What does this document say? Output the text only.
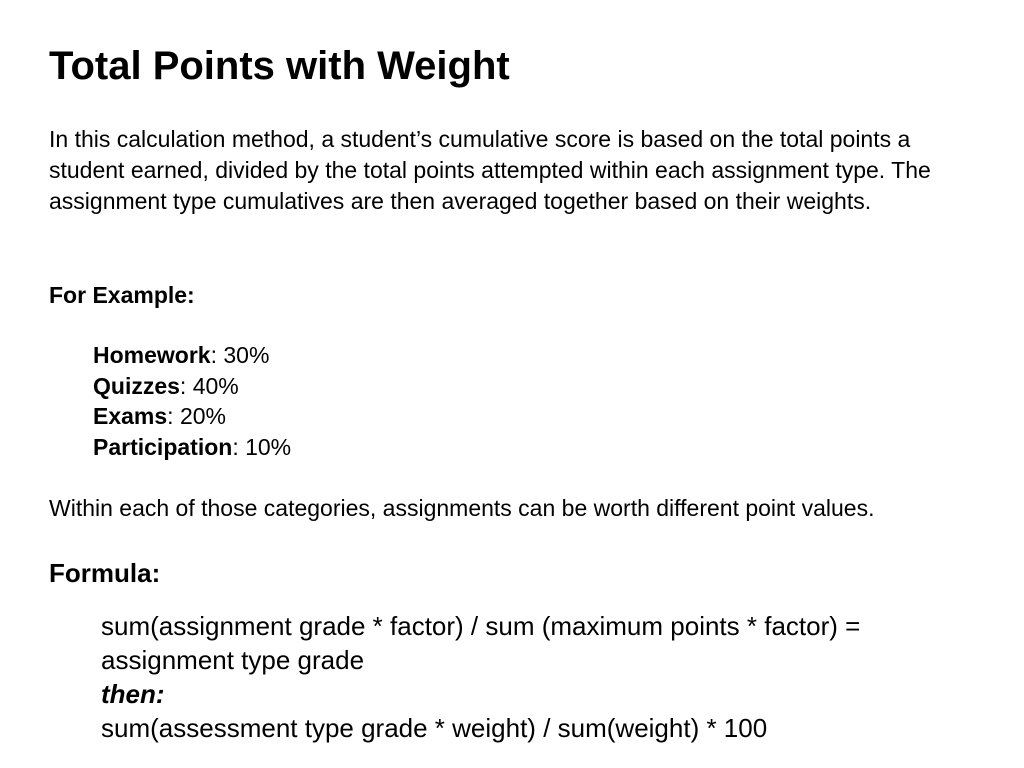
Total Points with Weight

In this calculation method, a student’s cumulative score is based on the total points a student earned, divided by the total points attempted within each assignment type. The assignment type cumulatives are then averaged together based on their weights.

For Example:

Homework: 30%
Quizzes: 40%
Exams: 20%
Participation: 10%

Within each of those categories, assignments can be worth different point values.

Formula:

sum(assignment grade * factor) / sum (maximum points * factor) =
assignment type grade
then:
sum(assessment type grade * weight) / sum(weight) * 100
